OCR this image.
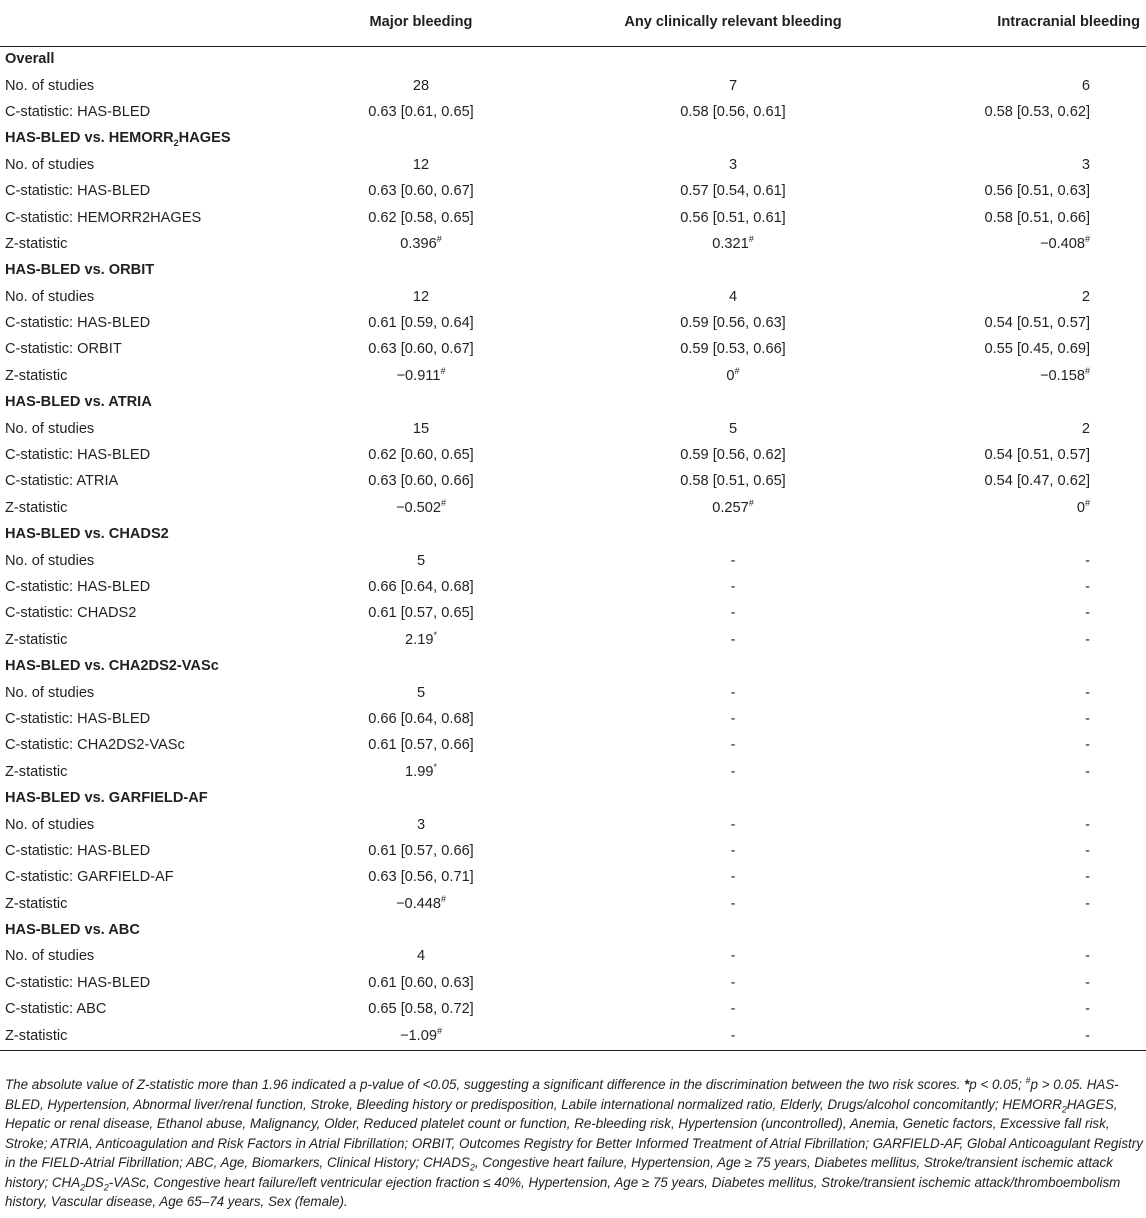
	Major bleeding	Any clinically relevant bleeding	Intracranial bleeding
Overall			
No. of studies	28	7	6
C-statistic: HAS-BLED	0.63 [0.61, 0.65]	0.58 [0.56, 0.61]	0.58 [0.53, 0.62]
HAS-BLED vs. $HEMORR_2HAGES$			
No. of studies	12	3	3
C-statistic: HAS-BLED	0.63 [0.60, 0.67]	0.57 [0.54, 0.61]	0.56 [0.51, 0.63]
C-statistic: HEMORR2HAGES	0.62 [0.58, 0.65]	0.56 [0.51, 0.61]	0.58 [0.51, 0.66]
Z-statistic	0.396#	0.321#	−0.408#
HAS-BLED vs. ORBIT			
No. of studies	12	4	2
C-statistic: HAS-BLED	0.61 [0.59, 0.64]	0.59 [0.56, 0.63]	0.54 [0.51, 0.57]
C-statistic: ORBIT	0.63 [0.60, 0.67]	0.59 [0.53, 0.66]	0.55 [0.45, 0.69]
Z-statistic	−0.911#	0#	−0.158#
HAS-BLED vs. ATRIA			
No. of studies	15	5	2
C-statistic: HAS-BLED	0.62 [0.60, 0.65]	0.59 [0.56, 0.62]	0.54 [0.51, 0.57]
C-statistic: ATRIA	0.63 [0.60, 0.66]	0.58 [0.51, 0.65]	0.54 [0.47, 0.62]
Z-statistic	−0.502#	0.257#	0#
HAS-BLED vs. CHADS2			
No. of studies	5	-	-
C-statistic: HAS-BLED	0.66 [0.64, 0.68]	-	-
C-statistic: CHADS2	0.61 [0.57, 0.65]	-	-
Z-statistic	2.19*	-	-
HAS-BLED vs. CHA2DS2-VASc			
No. of studies	5	-	-
C-statistic: HAS-BLED	0.66 [0.64, 0.68]	-	-
C-statistic: CHA2DS2-VASc	0.61 [0.57, 0.66]	-	-
Z-statistic	1.99*	-	-
HAS-BLED vs. GARFIELD-AF			
No. of studies	3	-	-
C-statistic: HAS-BLED	0.61 [0.57, 0.66]	-	-
C-statistic: GARFIELD-AF	0.63 [0.56, 0.71]	-	-
Z-statistic	−0.448#	-	-
HAS-BLED vs. ABC			
No. of studies	4	-	-
C-statistic: HAS-BLED	0.61 [0.60, 0.63]	-	-
C-statistic: ABC	0.65 [0.58, 0.72]	-	-
Z-statistic	−1.09#	-	-

The absolute value of Z-statistic more than 1.96 indicated a p-value of <0.05, suggesting a significant difference in the discrimination between the two risk scores. *p < 0.05; #p > 0.05. HAS-BLED, Hypertension, Abnormal liver/renal function, Stroke, Bleeding history or predisposition, Labile international normalized ratio, Elderly, Drugs/alcohol concomitantly; $HEMORR_2HAGES$, Hepatic or renal disease, Ethanol abuse, Malignancy, Older, Reduced platelet count or function, Re-bleeding risk, Hypertension (uncontrolled), Anemia, Genetic factors, Excessive fall risk, Stroke; ATRIA, Anticoagulation and Risk Factors in Atrial Fibrillation; ORBIT, Outcomes Registry for Better Informed Treatment of Atrial Fibrillation; GARFIELD-AF, Global Anticoagulant Registry in the FIELD-Atrial Fibrillation; ABC, Age, Biomarkers, Clinical History; $CHADS_2$, Congestive heart failure, Hypertension, Age ≥ 75 years, Diabetes mellitus, Stroke/transient ischemic attack history; $CHA_2DS_2$-VASc, Congestive heart failure/left ventricular ejection fraction ≤ 40%, Hypertension, Age ≥ 75 years, Diabetes mellitus, Stroke/transient ischemic attack/thromboembolism history, Vascular disease, Age 65–74 years, Sex (female).
